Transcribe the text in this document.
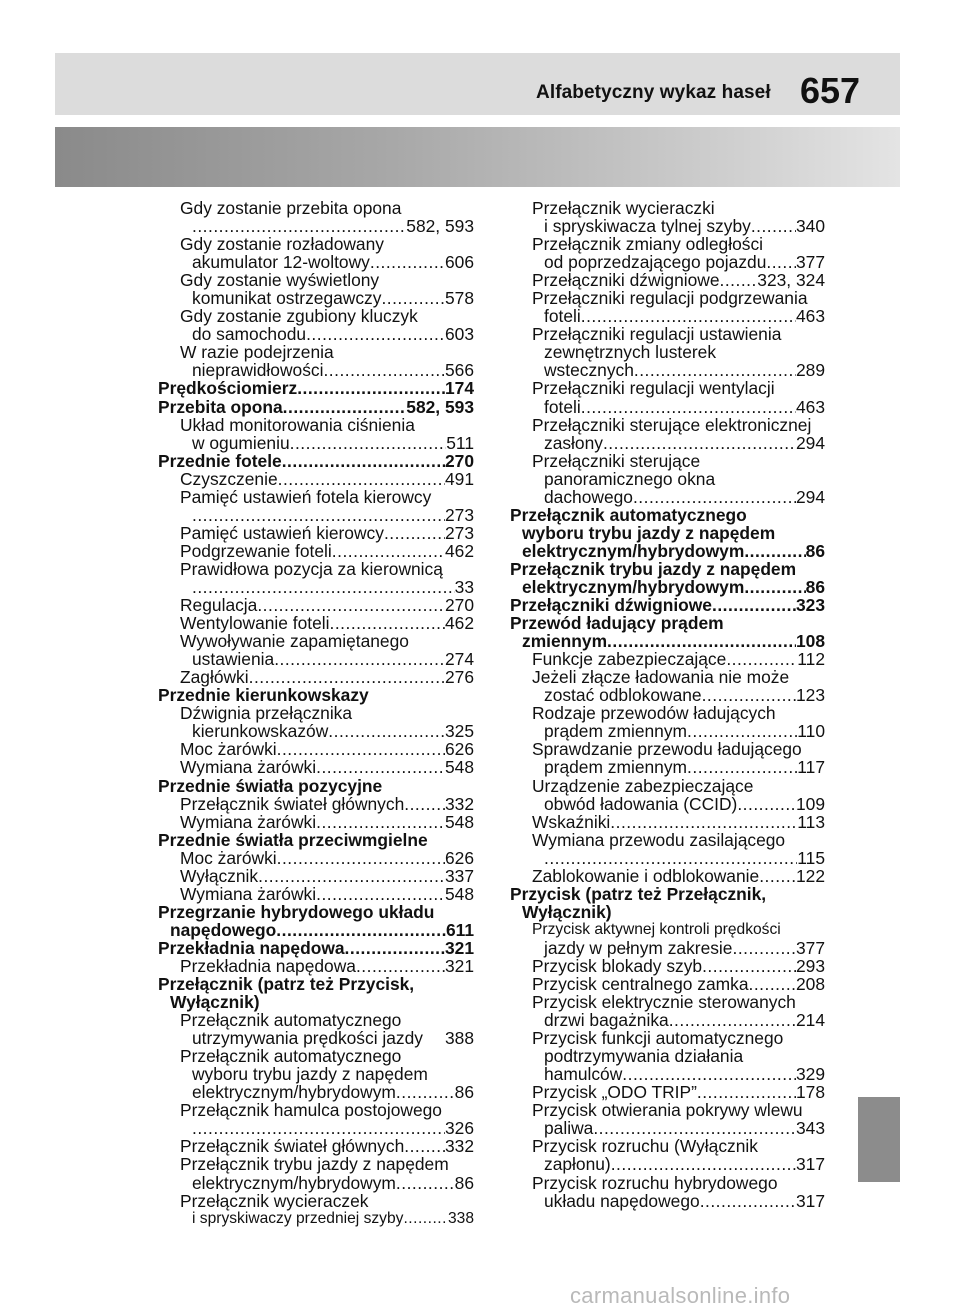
Alfabetyczny wykaz haseł 657
Gdy zostanie przebita opona
.....
582, 593
Gdy zostanie rozładowany
akumulator 12-woltowy .....	606
Gdy zostanie wyświetlony
komunikat ostrzegawczy .....	578
Gdy zostanie zgubiony kluczyk
do samochodu .....	603
W razie podejrzenia
nieprawidłowości .....	566
Prędkościomierz .....	174
Przebita opona .....	582, 593
Układ monitorowania ciśnienia
w ogumieniu .....	511
Przednie fotele .....	270
Czyszczenie .....	491
Pamięć ustawień fotela kierowcy
.....
273
Pamięć ustawień kierowcy .....	273
Podgrzewanie foteli .....	462
Prawidłowa pozycja za kierownicą
.....
33
Regulacja .....	270
Wentylowanie foteli .....	462
Wywoływanie zapamiętanego
ustawienia .....	274
Zagłówki .....	276
Przednie kierunkowskazy
Dźwignia przełącznika
kierunkowskazów .....	325
Moc żarówki .....	626
Wymiana żarówki .....	548
Przednie światła pozycyjne
Przełącznik świateł głównych ..... 332
Wymiana żarówki .....	548
Przednie światła przeciwmgielne
Moc żarówki .....	626
Wyłącznik .....	337
Wymiana żarówki .....	548
Przegrzanie hybrydowego układu
napędowego .....	611
Przekładnia napędowa .....	321
Przekładnia napędowa .....	321
Przełącznik (patrz też Przycisk,
Wyłącznik)
Przełącznik automatycznego
utrzymywania prędkości jazdy 388
Przełącznik automatycznego
wyboru trybu jazdy z napędem
elektrycznym/hybrydowym .....	86
Przełącznik hamulca postojowego
.....
326
Przełącznik świateł głównych ..... 332
Przełącznik trybu jazdy z napędem
elektrycznym/hybrydowym .....	86
Przełącznik wycieraczek
i spryskiwaczy przedniej szyby .....	338
Przełącznik wycieraczki
i spryskiwacza tylnej szyby .....	340
Przełącznik zmiany odległości
od poprzedzającego pojazdu ..... 377
Przełączniki dźwigniowe ..... 323, 324
Przełączniki regulacji podgrzewania
foteli .....	463
Przełączniki regulacji ustawienia
zewnętrznych lusterek
wstecznych .....	289
Przełączniki regulacji wentylacji
foteli .....	463
Przełączniki sterujące elektronicznej
zasłony .....	294
Przełączniki sterujące
panoramicznego okna
dachowego .....	294
Przełącznik automatycznego
wyboru trybu jazdy z napędem
elektrycznym/hybrydowym .....	86
Przełącznik trybu jazdy z napędem
elektrycznym/hybrydowym .....	86
Przełączniki dźwigniowe .....	323
Przewód ładujący prądem
zmiennym .....	108
Funkcje zabezpieczające .....	112
Jeżeli złącze ładowania nie może
zostać odblokowane .....	123
Rodzaje przewodów ładujących
prądem zmiennym .....	110
Sprawdzanie przewodu ładującego
prądem zmiennym .....	117
Urządzenie zabezpieczające
obwód ładowania (CCID) .....	109
Wskaźniki .....	113
Wymiana przewodu zasilającego
.....
115
Zablokowanie i odblokowanie ..... 122
Przycisk (patrz też Przełącznik,
Wyłącznik)
Przycisk aktywnej kontroli prędkości
jazdy w pełnym zakresie .....	377
Przycisk blokady szyb .....	293
Przycisk centralnego zamka .....	208
Przycisk elektrycznie sterowanych
drzwi bagażnika .....	214
Przycisk funkcji automatycznego
podtrzymywania działania
hamulców .....	329
Przycisk „ODO TRIP” .....	178
Przycisk otwierania pokrywy wlewu
paliwa .....	343
Przycisk rozruchu (Wyłącznik
zapłonu) .....	317
Przycisk rozruchu hybrydowego
układu napędowego .....	317
carmanualsonline.info
